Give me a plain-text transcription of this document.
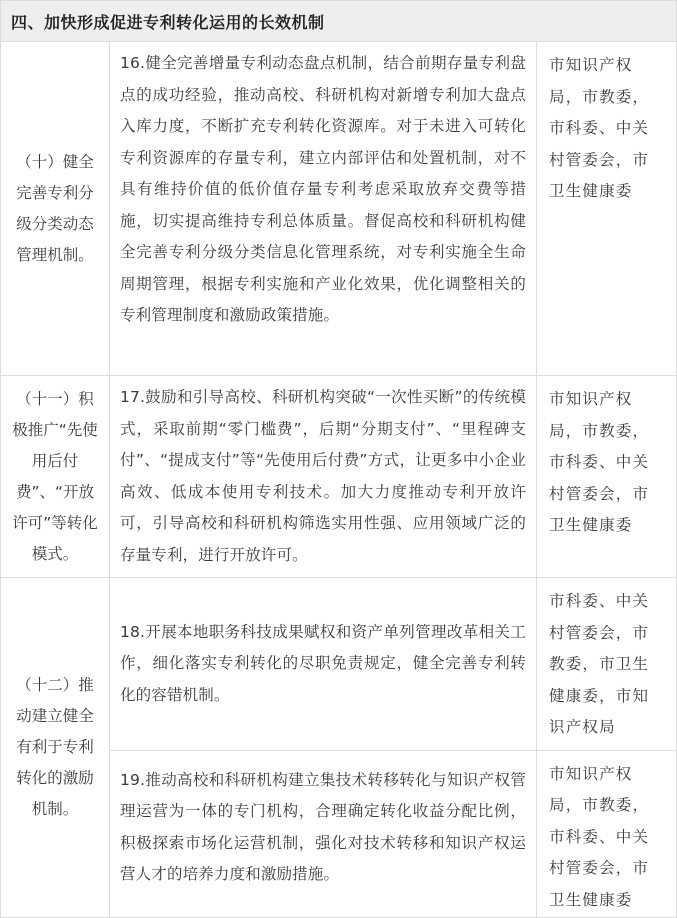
四、加快形成促进专利转化运用的长效机制
（十）健全完善专利分级分类动态管理机制。
16.健全完善增量专利动态盘点机制，结合前期存量专利盘点的成功经验，推动高校、科研机构对新增专利加大盘点入库力度，不断扩充专利转化资源库。对于未进入可转化专利资源库的存量专利，建立内部评估和处置机制，对不具有维持价值的低价值存量专利考虑采取放弃交费等措施，切实提高维持专利总体质量。督促高校和科研机构健全完善专利分级分类信息化管理系统，对专利实施全生命周期管理，根据专利实施和产业化效果，优化调整相关的专利管理制度和激励政策措施。
市知识产权局，市教委，市科委、中关村管委会，市卫生健康委
（十一）积极推广“先使用后付费”、“开放许可”等转化模式。
17.鼓励和引导高校、科研机构突破“一次性买断”的传统模式，采取前期“零门槛费”，后期“分期支付”、“里程碑支付”、“提成支付”等“先使用后付费”方式，让更多中小企业高效、低成本使用专利技术。加大力度推动专利开放许可，引导高校和科研机构筛选实用性强、应用领域广泛的存量专利，进行开放许可。
市知识产权局，市教委，市科委、中关村管委会，市卫生健康委
（十二）推动建立健全有利于专利转化的激励机制。
18.开展本地职务科技成果赋权和资产单列管理改革相关工作，细化落实专利转化的尽职免责规定，健全完善专利转化的容错机制。
市科委、中关村管委会，市教委，市卫生健康委，市知识产权局
19.推动高校和科研机构建立集技术转移转化与知识产权管理运营为一体的专门机构，合理确定转化收益分配比例，积极探索市场化运营机制，强化对技术转移和知识产权运营人才的培养力度和激励措施。
市知识产权局，市教委，市科委、中关村管委会，市卫生健康委
